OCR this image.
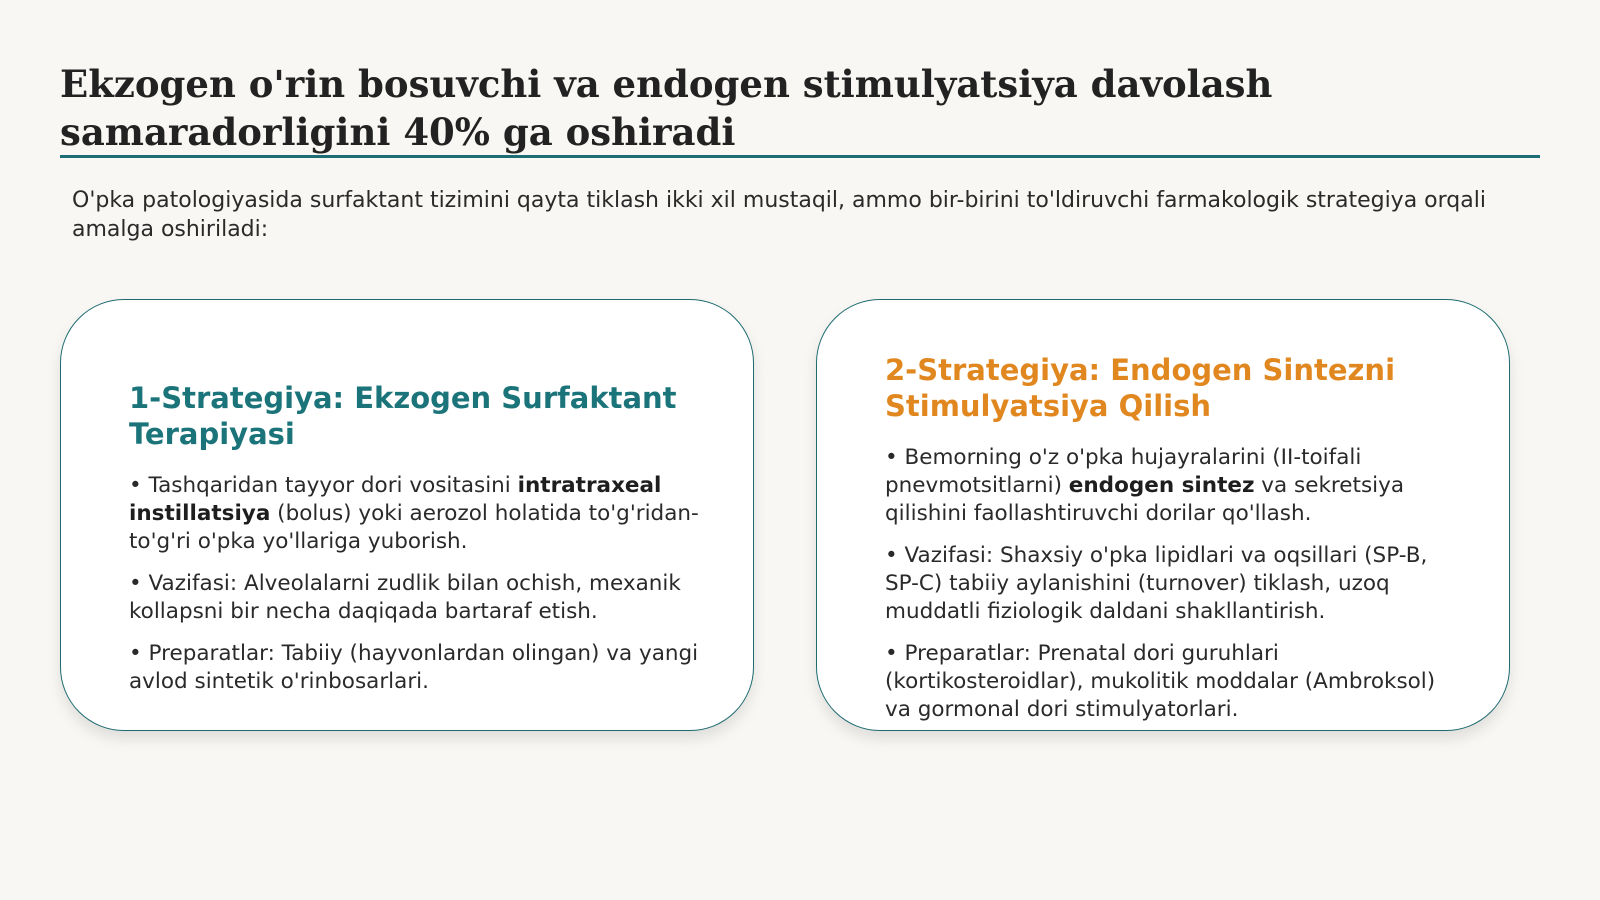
Ekzogen o'rin bosuvchi va endogen stimulyatsiya davolash samaradorligini 40% ga oshiradi

O'pka patologiyasida surfaktant tizimini qayta tiklash ikki xil mustaqil, ammo bir-birini to'ldiruvchi farmakologik strategiya orqali amalga oshiriladi:

1-Strategiya: Ekzogen Surfaktant Terapiyasi

• Tashqaridan tayyor dori vositasini intratraxeal instillatsiya (bolus) yoki aerozol holatida to'g'ridan-to'g'ri o'pka yo'llariga yuborish.

• Vazifasi: Alveolalarni zudlik bilan ochish, mexanik kollapsni bir necha daqiqada bartaraf etish.

• Preparatlar: Tabiiy (hayvonlardan olingan) va yangi avlod sintetik o'rinbosarlari.

2-Strategiya: Endogen Sintezni Stimulyatsiya Qilish

• Bemorning o'z o'pka hujayralarini (II-toifali pnevmotsitlarni) endogen sintez va sekretsiya qilishini faollashtiruvchi dorilar qo'llash.

• Vazifasi: Shaxsiy o'pka lipidlari va oqsillari (SP-B, SP-C) tabiiy aylanishini (turnover) tiklash, uzoq muddatli fiziologik daldani shakllantirish.

• Preparatlar: Prenatal dori guruhlari (kortikosteroidlar), mukolitik moddalar (Ambroksol) va gormonal dori stimulyatorlari.
